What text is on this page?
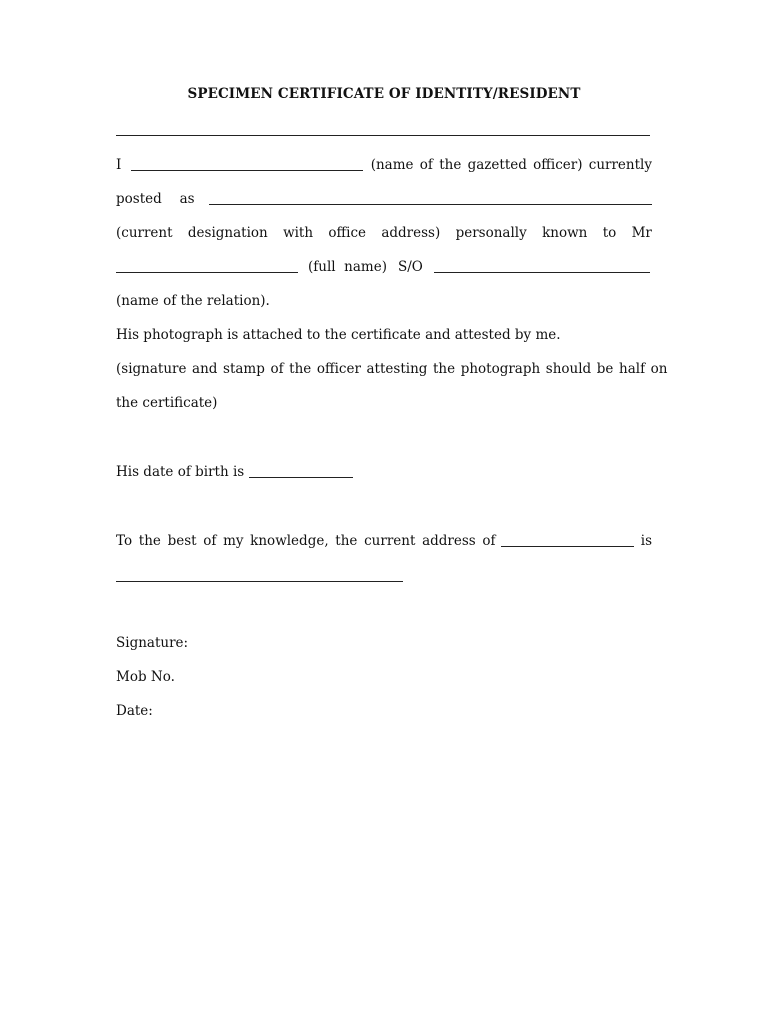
SPECIMEN CERTIFICATE OF IDENTITY/RESIDENT
I	(name of the gazetted officer) currently
posted as
(current designation with office address) personally known to Mr
(full  name) S/O
(name of the relation).
His photograph is attached to the certificate and attested by me.
(signature and stamp of the officer attesting the photograph should be half on
the certificate)
His date of birth is
To the best of my knowledge, the current address of	is
Signature:
Mob No.
Date:
